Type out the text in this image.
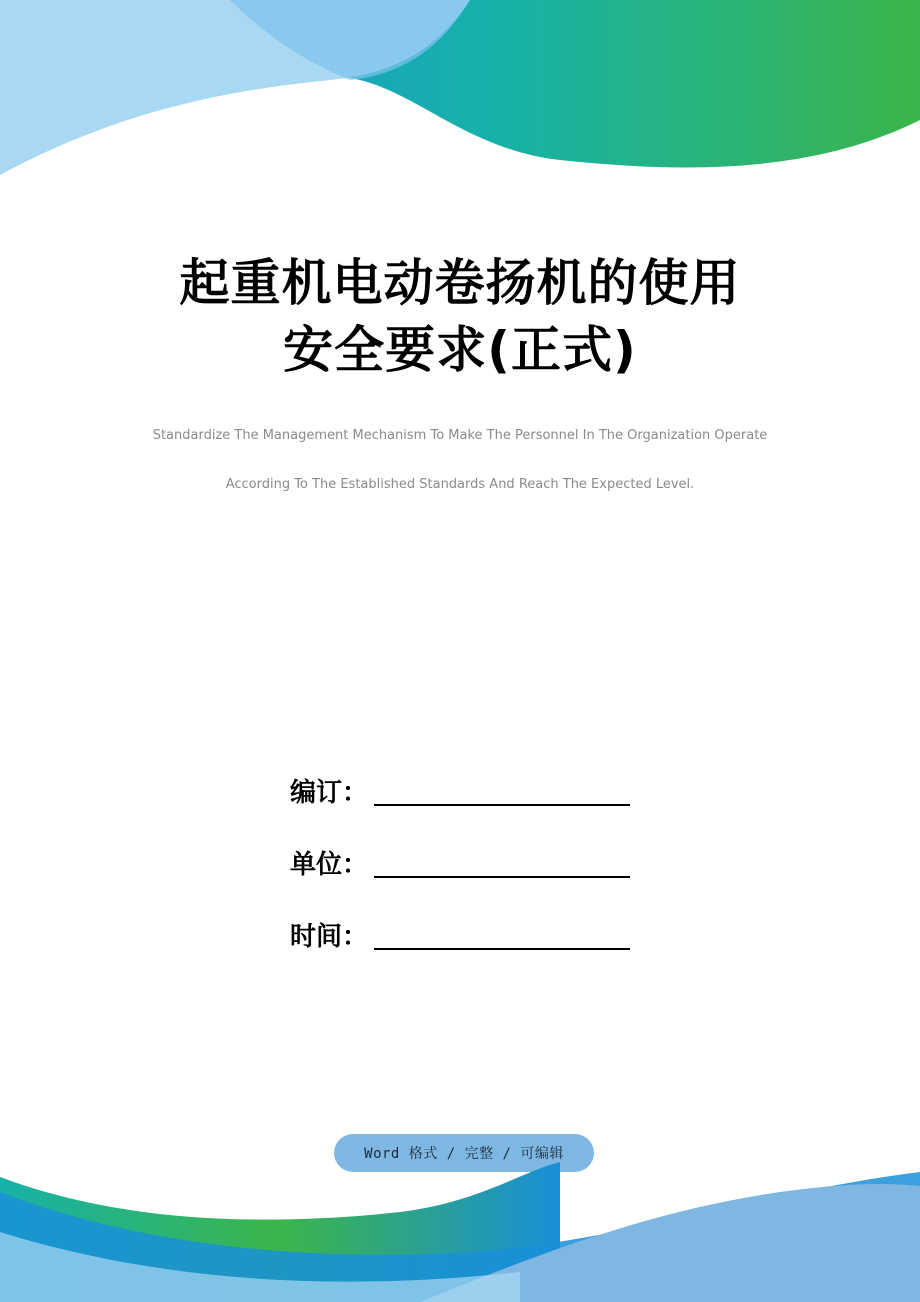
起重机电动卷扬机的使用
安全要求(正式)
Standardize The Management Mechanism To Make The Personnel In The Organization Operate
According To The Established Standards And Reach The Expected Level.
编订：
单位：
时间：
Word 格式 / 完整 / 可编辑
